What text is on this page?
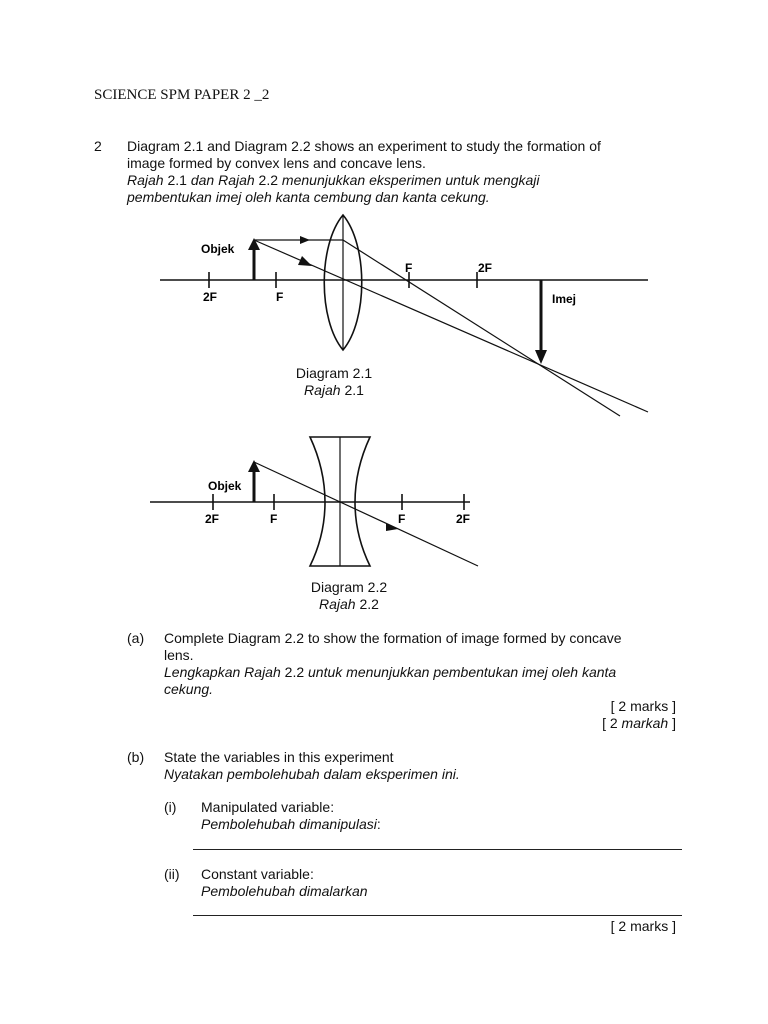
SCIENCE SPM PAPER 2 _2
2 Diagram 2.1 and Diagram 2.2 shows an experiment to study the formation of
image formed by convex lens and concave lens.
Rajah 2.1 dan Rajah 2.2 menunjukkan eksperimen untuk mengkaji
pembentukan imej oleh kanta cembung dan kanta cekung.
Objek
Imej
2F	F
F	2F
Objek
2F	F	F	2F
Diagram 2.1
Rajah 2.1
Diagram 2.2
Rajah 2.2
(a) Complete Diagram 2.2 to show the formation of image formed by concave
lens.
Lengkapkan Rajah 2.2 untuk menunjukkan pembentukan imej oleh kanta
cekung.
[ 2 marks ]
[ 2 markah ]
(b) State the variables in this experiment
Nyatakan pembolehubah dalam eksperimen ini.
(i) Manipulated variable:
Pembolehubah dimanipulasi:
(ii) Constant variable:
Pembolehubah dimalarkan
[ 2 marks ]
